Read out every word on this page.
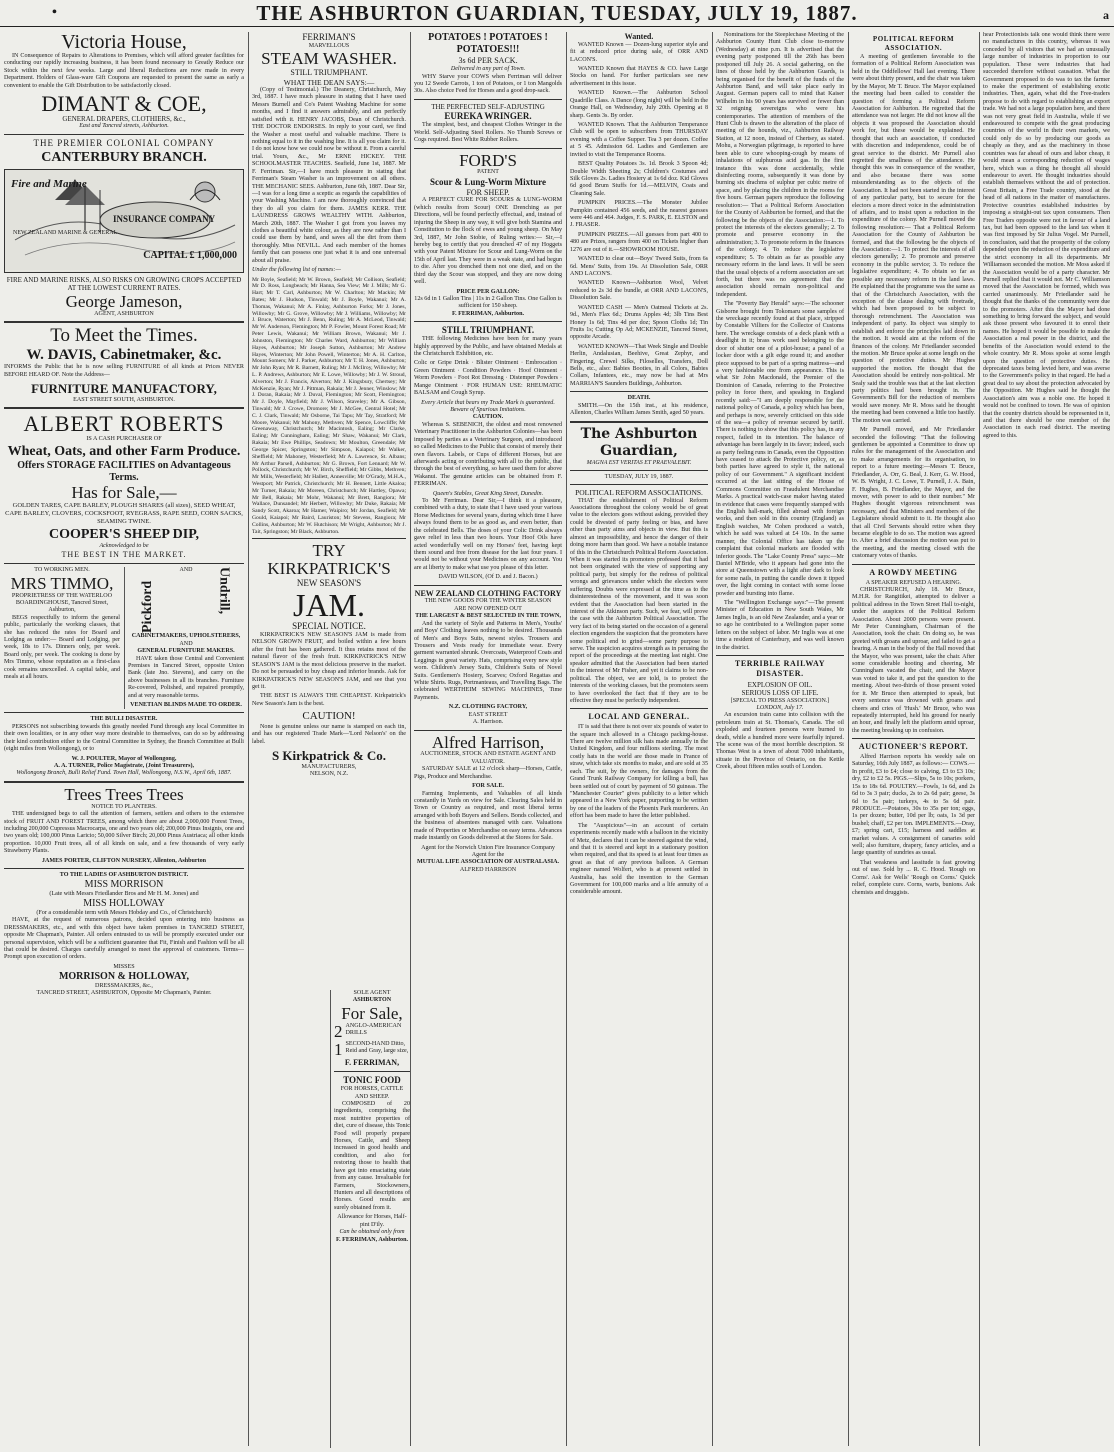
•	THE ASHBURTON GUARDIAN, TUESDAY, JULY 19, 1887.	a
Victoria House,

IN Consequence of Repairs to Alterations to Premises, which will afford greater facilities for conducting our rapidly increasing business, it has been found necessary to Greatly Reduce our Stock within the next few weeks. Large and liberal Reductions are now made in every Department. Holders of Glass-ware Gift Coupons are requested to present the same as early a convenient to enable the Gift Distribution to be satisfactorily closed.

DIMANT & COE,
GENERAL DRAPERS, CLOTHIERS, &c.,
East and Tancred streets, Ashburton.
THE PREMIER COLONIAL COMPANY
CANTERBURY BRANCH.
Fire and Marine
INSURANCE COMPANY
NEW ZEALAND MARINE & GENERAL
CAPITAL £ 1,000,000
FIRE AND MARINE RISKS, ALSO RISKS ON GROWING CROPS ACCEPTED AT THE LOWEST CURRENT RATES.
George Jameson,
AGENT, ASHBURTON
To Meet the Times.
W. DAVIS, Cabinetmaker, &c.

INFORMS the Public that he is now selling FURNITURE of all kinds at Prices NEVER BEFORE HEARD OF. Note the Address—

FURNITURE MANUFACTORY,
EAST STREET SOUTH, ASHBURTON.
ALBERT ROBERTS
IS A CASH PURCHASER OF
Wheat, Oats, and other Farm Produce.
Offers STORAGE FACILITIES on Advantageous Terms.
Has for Sale,—
GOLDEN TARES, CAPE BARLEY, PLOUGH SHARES (all sizes), SEED WHEAT, CAPE BARLEY, CLOVERS, COCKSFOOT, RYEGRASS, RAPE SEED, CORN SACKS, SEAMING TWINE.
COOPER'S SHEEP DIP,
Acknowledged to be
THE BEST IN THE MARKET.
TO WORKING MEN.
MRS TIMMO,
PROPRIETRESS OF THE WATERLOO BOARDINGHOUSE, Tancred Street, Ashburton,

BEGS respectfully to inform the general public, particularly the working classes, that she has reduced the rates for Board and Lodging as under:— Board and Lodging, per week, 18s to 17s. Dinners only, per week. Board only, per week. The cooking is done by Mrs Timmo, whose reputation as a first-class cook remains unexcelled. A capital table, and meals at all hours.

Pickford
AND Undrill,
CABINETMAKERS, UPHOLSTERERS,
AND
GENERAL FURNITURE MAKERS.

HAVE taken those Central and Convenient Premises in Tancred Street, opposite Union Bank (late Jno. Stevens), and carry on the above businesses in all its branches. Furniture Re-covered, Polished, and repaired promptly, and at very reasonable terms.

VENETIAN BLINDS MADE TO ORDER.
THE BULLI DISASTER.

PERSONS not subscribing towards this greatly needed Fund through any local Committee in their own localities, or in any other way more desirable to themselves, can do so by addressing their kind contribution either to the Central Committee in Sydney, the Branch Committee at Bulli (eight miles from Wollongong), or to

W. J. POULTER, Mayor of Wollongong,
A. A. TURNER, Police Magistrate, (Joint Treasurers),
Wollongong Branch, Bulli Relief Fund. Town Hall, Wollongong, N.S.W., April 6th, 1887.
Trees Trees Trees
NOTICE TO PLANTERS.

THE undersigned begs to call the attention of farmers, settlers and others to the extensive stock of FRUIT AND FOREST TREES, among which there are about 2,000,000 Forest Trees, including 200,000 Cupressus Macrocarpa, one and two years old; 200,000 Pinus Insignis, one and two years old; 100,000 Pinus Laricio; 50,000 Silver Birch; 20,000 Pinus Austriaca; all other kinds proportion. 10,000 Fruit trees, all of all kinds on sale, and a few thousands of very early Strawberry Plants.

JAMES PORTER, CLIFTON NURSERY, Allenton, Ashburton
TO THE LADIES OF ASHBURTON DISTRICT.
MISS MORRISON
(Late with Messrs Friedlander Bros and Mr H. M. Jones) and
MISS HOLLOWAY
(For a considerable term with Messrs Hobday and Co., of Christchurch)

HAVE, at the request of numerous patrons, decided upon entering into business as DRESSMAKERS, etc., and with this object have taken premises in TANCRED STREET, opposite Mr Chapman's, Painter. All orders entrusted to us will be promptly executed under our personal supervision, which will be a sufficient guarantee that Fit, Finish and Fashion will be all that could be desired. Charges carefully arranged to meet the approval of customers. Terms—Prompt upon execution of orders.

MISSES
MORRISON & HOLLOWAY,
DRESSMAKERS, &c.,
TANCRED STREET, ASHBURTON, Opposite Mr Chapman's, Painter.
FERRIMAN'S
MARVELLOUS
STEAM WASHER.
STILL TRIUMPHANT.
WHAT THE DEAN SAYS:—

(Copy of Testimonial.) The Deanery, Christchurch, May 3rd, 1887. I have much pleasure in stating that I have used Messrs Burnell and Co's Patent Washing Machine for some months, and I find it answers admirably, and am perfectly satisfied with it. HENRY JACOBS, Dean of Christchurch. THE DOCTOR ENDORSES. In reply to your card, we find the Washer a most useful and valuable machine. There is nothing equal to it in the washing line. It is all you claim for it. I do not know how we could now be without it. From a careful trial. Yours, &c., Mr ERNE HICKEY. THE SCHOOLMASTER TEACHES. Seafield, June 1st, 1887. Mr F. Ferriman. Sir,—I have much pleasure in stating that Ferriman's Steam Washer is an improvement on all others. THE MECHANIC SEES. Ashburton, June 6th, 1887. Dear Sir,—I was for a long time a sceptic as regards the capabilities of your Washing Machine. I am now thoroughly convinced that they do all you claim for them. JAMES KERR. THE LAUNDRESS GROWS WEALTHY WITH. Ashburton, March 20th, 1887. The Washer I got from you leaves my clothes a beautiful white colour, as they are now rather than I could use them by hand, and saves all the dirt from them thoroughly. Miss NEVILL. And each member of the homes family that can possess one just what it is and one universal about all praise.

Under the following list of names:—

Mr Boyle, Seafield; Mr W. Brown, Seafield; Mr Collison, Seafield; Mr D. Ross, Longbeach; Mr Hanna, Sea View; Mr J. Mills; Mr G. Hart; Mr T. Carl, Ashburton; Mr W. Charlton; Mr Mackin; Mr Bates; Mr J. Hudson, Tinwald; Mr J. Boyle, Wakanui; Mr A. Thomas, Wakanui; Mr A. Finlay, Ashburton Forks; Mr J. Jones, Willowby; Mr G. Grove, Willowby; Mr J. Williams, Willowby; Mr J. Bruce, Waterton; Mr J. Benn, Ruling; Mr A. McLeod, Tinwald; Mr W. Anderson, Flemington; Mr P. Fowler, Mount Forest Road; Mr Peter Lewis, Wakanui; Mr William Brown, Wakanui; Mr J. Johnston, Flemington; Mr Charles Ward, Ashburton; Mr William Hayes, Ashburton; Mr Joseph Sutton, Ashburton; Mr Andrew Hayes, Winterton; Mr John Powell, Winterton; Mr A. H. Carlton, Mount Somers; Mr J. Parker, Ashburton; Mr T. H. Jones, Ashburton; Mr John Ryan; Mr R. Barnett, Ruling; Mr J. McIlroy, Willowby; Mr L. P. Andrews, Ashburton; Mr E. Lowe, Willowby; Mr J. W. Stroud, Alverton; Mr J. Francis, Alverton; Mr J. Kingsbury, Chertsey; Mr McKenzie, Ryan; Mr J. Pittman, Rakaia; Mr J. Jenner, Winslow; Mr J. Doran, Rakaia; Mr J. Duval, Flemington; Mr Scott, Flemington; Mr J. Doyle, Mayfield; Mr J. Wilson, Staveley; Mr A. Gibson, Tinwald; Mr J. Crowe, Dromore; Mr J. McGee, Central Hotel; Mr C. J. Clark, Tinwald; Mr Osborne, Tai Tapu; Mr Tay, Stratford; Mr Moore, Wakanui; Mr Mahony, Methven; Mr Spence, Lowcliffe; Mr Greenaway, Christchurch; Mr Macintosh, Ealing; Mr Clarke, Ealing; Mr Cunningham, Ealing; Mr Shaw, Wakanui; Mr Clark, Rakaia; Mr Ewe Phillips, Seadown; Mr Moulton, Greendale; Mr George Spicer, Springston; Mr Simpson, Kaiapoi; Mr Walker, Sheffield; Mr Mahoney, Westerfield; Mr A. Lawrence, St. Albans; Mr Arthur Parsell, Ashburton; Mr G. Brown, Fort Lennard; Mr W. Pollock, Christchurch; Mr W. Birch, Sheffield; Mr Gibbs, Methven; Mr Mills, Westerfield; Mr Hallett, Annesville; Mr O'Grady, M.H.A., Westport; Mr Patrick, Christchurch; Mr H. Bennett, Little Akaloa; Mr Turner, Rakaia; Mr Moreen, Christchurch; Mr Hartley, Opawa; Mr Bell, Rakaia; Mr Mohr, Wakanui; Mr Brett, Rangiora; Mr Wallace, Dunsandel; Mr Herbert, Willowby; Mr Duke, Rakaia; Mr Sandy Scott, Akaroa; Mr Hamer, Waipiro; Mr Jordan, Seafield; Mr Gould, Kaiapoi; Mr Baird, Lauriston; Mr Stevens, Rangiora; Mr Collins, Ashburton; Mr W. Hutchison; Mr Wright, Ashburton; Mr J. Tait, Springston; Mr Black, Ashburton.

TRY
KIRKPATRICK'S
NEW SEASON'S
JAM.
SPECIAL NOTICE.

KIRKPATRICK'S NEW SEASON'S JAM is made from NELSON GROWN FRUIT, and boiled within a few hours after the fruit has been gathered. It thus retains most of the natural flavor of the fresh fruit. KIRKPATRICK'S NEW SEASON'S JAM is the most delicious preserve in the market. Do not be persuaded to buy cheap and inferior brands. Ask for KIRKPATRICK'S NEW SEASON'S JAM, and see that you get it.

THE BEST IS ALWAYS THE CHEAPEST. Kirkpatrick's New Season's Jam is the best.

CAUTION!

None is genuine unless our name is stamped on each tin, and has our registered Trade Mark—'Lord Nelson's' on the label.

S Kirkpatrick & Co.
MANUFACTURERS,
NELSON, N.Z.
POTATOES ! POTATOES ! POTATOES!!!
3s 6d PER SACK.
Delivered in any part of Town.

WHY Starve your COWS when Ferriman will deliver you 12 Swede Carrots, 1 ton of Potatoes, or 1 ton Mangolds 30s. Also choice Feed for Horses and a good drop-sack.

THE PERFECTED SELF-ADJUSTING
EUREKA WRINGER.

The simplest, best, and cheapest Clothes Wringer in the World. Self-Adjusting Steel Rollers. No Thumb Screws or Cogs required. Best White Rubber Rollers.

FORD'S
PATENT
Scour & Lung-Worm Mixture
FOR SHEEP.

A PERFECT CURE FOR SCOURS & LUNG-WORM (which results from Scour) ONE Drenching as per Directions, will be found perfectly effectual, and, instead of injuring the Sheep in any way, it will give both Stamina and Constitution to the flock of ewes and young sheep. On May 3rd, 1887, Mr John Stobie, of Ruling writes:— Sir,—I hereby beg to certify that you drenched 47 of my Hoggets with your Patent Mixture for Scour and Lung-Worm on the 15th of April last. They were in a weak state, and had begun to die. After you drenched them not one died, and on the third day the Scour was stopped, and they are now doing well.

PRICE PER GALLON:
12s 6d in 1 Gallon Tins | 11s in 2 Gallon Tins. One Gallon is sufficient for 150 sheep.
F. FERRIMAN, Ashburton.
STILL TRIUMPHANT.

THE following Medicines have been for many years highly approved by the Public, and have obtained Medals at the Christchurch Exhibition, etc.

Colic or Gripe Drink · Blister Ointment · Embrocation · Green Ointment · Condition Powders · Hoof Ointment · Worm Powders · Foot Rot Dressing · Distemper Powders · Mange Ointment · FOR HUMAN USE: RHEUMATIC BALSAM and Cough Syrup.

Every Article that bears my Trade Mark is guaranteed.
Beware of Spurious Imitations.
CAUTION.

Whereas S. SEBENICH, the oldest and most renowned Veterinary Practitioner in the Ashburton Colonies—has been imposed by parties as a Veterinary Surgeon, and introduced so called Medicines to the Public that consist of merely their own flavors. Labels, or Cups of different Horses, but are afterwards acting or contributing with all to the public, that through the best of everything, so have used them for above Wakanui. The genuine articles can be obtained from F. FERRIMAN.

Queen's Stables, Great King Street, Dunedin.

To Mr Ferriman. Dear Sir,—I think it a pleasure, combined with a duty, to state that I have used your various Horse Medicines for several years, during which time I have always found them to be as good as, and even better, than the celebrated Bells. The doses of your Colic Drink always gave relief in less than two hours. Your Hoof Oils have acted wonderfully well on my Horses' feet, having kept them sound and free from disease for the last four years. I would not be without your Medicines on any account. You are at liberty to make what use you please of this letter.

DAVID WILSON, (Of D. and J. Bacon.)
NEW ZEALAND CLOTHING FACTORY
THE NEW GOODS FOR THE WINTER SEASON
ARE NOW OPENED OUT
THE LARGEST & BEST SELECTED IN THE TOWN,

And the variety of Style and Patterns in Men's, Youths' and Boys' Clothing leaves nothing to be desired. Thousands of Men's and Boys Suits, newest styles. Trousers and Trousers and Vests ready for immediate wear. Every garment warranted shrunk. Overcoats, Waterproof Coats and Leggings in great variety. Hats, comprising every new style worn. Children's Jersey Suits, Children's Suits of Novel Suits. Gentlemen's Hosiery, Scarves; Oxford Regattas and White Shirts. Rugs, Portmanteaus, and Travelling Bags. The celebrated WERTHEIM SEWING MACHINES, Time Payments.

N.Z. CLOTHING FACTORY,
EAST STREET
A. Harrison.
Alfred Harrison,
AUCTIONEER, STOCK AND ESTATE AGENT AND VALUATOR.

SATURDAY SALE at 12 o'clock sharp—Horses, Cattle, Pigs, Produce and Merchandise.

FOR SALE.

Farming Implements, and Valuables of all kinds constantly in Yards on view for Sale. Clearing Sales held in Town or Country as required, and most liberal terms arranged with both Buyers and Sellers. Bonds collected, and the business of absentees managed with care. Valuations made of Properties or Merchandise on easy terms. Advances made instantly on Goods delivered at the Stores for Sale.

Agent for the Norwich Union Fire Insurance Company
Agent for the
MUTUAL LIFE ASSOCIATION OF AUSTRALASIA.
ALFRED HARRISON
SOLE AGENT
ASHBURTON
For Sale,
2 ANGLO-AMERICAN DRILLS
1 SECOND-HAND Ditto, Reid and Gray, large size,
F. FERRIMAN,
TONIC FOOD
FOR HORSES, CATTLE AND SHEEP.

COMPOSED of 20 ingredients, comprising the most nutritive properties of diet, cure of disease, this Tonic Food will properly prepare Horses, Cattle, and Sheep increased in good health and condition, and also for restoring those to health that have got into emaciating state from any cause. Invaluable for Farmers, Stockowners, Hunters and all descriptions of Horses. Good results are surely obtained from it.

Allowance for Horses, Half-pint D'ily.
Can be obtained only from
F. FERRIMAN, Ashburton.
Wanted.

WANTED Known — Dozen-lung superior style and fit at reduced price during sale, of ORR AND LACON'S.

WANTED Known that HAYES & CO. have Large Stocks on hand. For further particulars see new advertisement in this issue.

WANTED Known.—The Ashburton School Quadrille Class. A Dance (long night) will be held in the Orange Hall, on Wednesday, July 20th. Opening at 8 sharp. Gents 3s. By order.

WANTED Known. That the Ashburton Temperance Club will be open to subscribers from THURSDAY evening with a Coffee Supper. Tea 3 per dozen. Coffee at 5 45. Admission 6d. Ladies and Gentlemen are invited to visit the Temperance Rooms.

BEST Quality Potatoes 3s. 1d. Brook 3 Spoon 4d; Double Width Sheeting 2s; Children's Costumes and Silk Gloves 2s. Ladies Hosiery at 1s 6d doz. Kid Gloves 6d good Brum Stuffs for 1d.—MELVIN, Coats and Cleaning Sale.

PUMPKIN PRICES.—The Monster Jubilee Pumpkin contained 456 seeds, and the nearest guesses were 446 and 464. Judges, F. S. PARK, E. ELSTON and J. FRASER.

PUMPKIN PRIZES.—All guesses from part 400 to 480 are Prizes, rangers from 400 on Tickets higher than 1276 are out of it.—SHOWROOM HOUSE.

WANTED to clear out—Boys' Tweed Suits, from 6s 6d. Mens' Suits, from 19s. At Dissolution Sale, ORR AND LACON'S.

WANTED Known—Ashburton Wool, Velvet reduced to 2s 3d the bundle, at ORR AND LACON'S, Dissolution Sale.

WANTED CASH — Men's Oatmeal Tickets at 2s. 9d., Men's Flax 6d.; Drums Apples 4d; 3lb Tins Best Honey 1s 6d; Tins 4d per doz; Spoon Cloths 1d; Tin Fruits 1s; Cutting Op Ad; MCKENZIE, Tancred Street, opposite Arcade.

WANTED KNOWN—That Week Single and Double Herlin, Andalusian, Beehive, Great Zephyr, and Fingering, Crewel Silks, Filoselles, Transfers, Doll Bells, etc., also: Babies Booties, in all Colors, Babies Collars, Infantees, etc., may now be had at Mrs MARRIAN'S Saunders Buildings, Ashburton.

DEATH.

SMITH.—On the 15th inst., at his residence, Allenton, Charles William James Smith, aged 50 years.

The Ashburton Guardian,
MAGNA EST VERITAS ET PRAEVALEBIT.
TUESDAY, JULY 19, 1887.
POLITICAL REFORM ASSOCIATIONS.

THAT the establishment of Political Reform Associations throughout the colony would be of great value to the electors goes without asking, provided they could be divested of party feeling or bias, and have other than party aims and objects in view. But this is almost an impossibility, and hence the danger of their doing more harm than good. We have a notable instance of this in the Christchurch Political Reform Association. When it was started its promoters professed that it had not been originated with the view of supporting any political party, but simply for the redress of political wrongs and grievances under which the electors were suffering. Doubts were expressed at the time as to the disinterestedness of the movement, and it was soon evident that the Association had been started in the interest of the Atkinson party. Such, we fear, will prove the case with the Ashburton Political Association. The very fact of its being started on the occasion of a general election engenders the suspicion that the promoters have some political end to grind—some party purpose to serve. The suspicion acquires strength as in perusing the report of the proceedings at the meeting last night. One speaker admitted that the Association had been started in the interest of Mr Fisher, and yet it claims to be non-political. The object, we are told, is to protect the interests of the working classes, but the promoters seem to have overlooked the fact that if they are to be effective they must be perfectly independent.

LOCAL AND GENERAL.

IT is said that there is not over six pounds of water to the square inch allowed in a Chicago packing-house. There are twelve million silk hats made annually in the United Kingdom, and four millions sterling. The most costly hats in the world are those made in France of straw, which take six months to make, and are sold at 35 each. The suit, by the owners, for damages from the Grand Trunk Railway Company for killing a bull, has been settled out of court by payment of 50 guineas. The "Manchester Courier" gives publicity to a letter which appeared in a New York paper, purporting to be written by one of the leaders of the Phoenix Park murderers. An effort has been made to have the letter published.

The "Auspicious"—in an account of certain experiments recently made with a balloon in the vicinity of Metz, declares that it can be steered against the wind, and that it is steered and kept in a stationary position when required, and that its speed is at least four times as great as that of any previous balloon. A German engineer named Wolfert, who is at present settled in Australia, has sold the invention to the German Government for 100,000 marks and a life annuity of a considerable amount.

Nominations for the Steeplechase Meeting of the Ashburton County Hunt Club close to-morrow (Wednesday) at nine p.m. It is advertised that the evening party postponed till the 26th has been postponed till July 26. A social gathering, on the lines of those held by the Ashburton Guards, is being organised for the benefit of the funds of the Ashburton Band, and will take place early in August. German papers call to mind that Kaiser Wilhelm in his 90 years has survived or fewer than 32 reigning sovereigns who were his contemporaries. The attention of members of the Hunt Club is drawn to the alteration of the place of meeting of the hounds, viz., Ashburton Railway Station, at 12 noon, instead of Chertsey, as stated. Mohu, a Norwegian pilgrimage, is reported to have been able to cure whooping-cough by means of inhalations of sulphurous acid gas. In the first instance this was done accidentally, while disinfecting rooms, subsequently it was done by burning six drachms of sulphur per cubic metre of space, and by placing the children in the rooms for five hours. German papers reproduce the following resolution:— That a Political Reform Association for the County of Ashburton be formed, and that the following be the objects of the Association:—1. To protect the interests of the electors generally; 2. To promote and preserve economy in the administration; 3. To promote reform in the finances of the colony; 4. To reduce the legislative expenditure; 5. To obtain as far as possible any necessary reform in the land laws. It will be seen that the usual objects of a reform association are set forth, but there was no agreement that the association should remain non-political and independent.

The "Poverty Bay Herald" says:—The schooner Gisborne brought from Tokomaru some samples of the wreckage recently found at that place, stripped by Constable Villiers for the Collector of Customs here. The wreckage consists of a deck plank with a deadlight in it; brass work used belonging to the door of shutter one of a pilot-house; a panel of a locker door with a gilt edge round it; and another piece supposed to be part of a spring mattress—and a very fashionable one from appearance. This is what Sir John Macdonald, the Premier of the Dominion of Canada, referring to the Protective policy in force there, and speaking in England recently said:—"I am deeply responsible for the national policy of Canada, a policy which has been, and perhaps is now, severely criticised on this side of the sea—a policy of revenue secured by tariff. There is nothing to show that this policy has, in any respect, failed in its intention. The balance of advantage has been largely in its favor; indeed, such as party feeling runs in Canada, even the Opposition have ceased to attack the Protective policy, or, as both parties have agreed to style it, the national policy of our Government." A significant incident occurred at the last sitting of the House of Commons Committee on Fraudulent Merchandise Marks. A practical watch-case maker having stated in evidence that cases were frequently stamped with the English hall-mark, filled abroad with foreign works, and then sold in this country (England) as English watches, Mr Cohen produced a watch, which he said was valued at £4 10s. In the same manner, the Colonial Office has taken up the complaint that colonial markets are flooded with inferior goods. The "Lake County Press" says:—Mr Daniel M'Bride, who it appears had gone into the store at Queenstown with a light after dark to look for some nails, in putting the candle down it tipped over, the light coming in contact with some loose powder and bursting into flame.

The "Wellington Exchange says:"—The present Minister of Education in New South Wales, Mr James Inglis, is an old New Zealander, and a year or so ago he contributed to a Wellington paper some letters on the subject of labor. Mr Inglis was at one time a resident of Canterbury, and was well known in the district.

TERRIBLE RAILWAY DISASTER.
EXPLOSION OF OIL.
SERIOUS LOSS OF LIFE.
[SPECIAL TO PRESS ASSOCIATION.]
LONDON, July 17.

An excursion train came into collision with the petroleum train at St. Thomas's, Canada. The oil exploded and fourteen persons were burned to death, while a hundred more were fearfully injured. The scene was of the most horrible description. St Thomas West is a town of about 7000 inhabitants, situate in the Province of Ontario, on the Kettle Creek, about fifteen miles south of London.

POLITICAL REFORM ASSOCIATION.

A meeting of gentlemen favorable to the formation of a Political Reform Association was held in the Oddfellows' Hall last evening. There were about thirty present, and the chair was taken by the Mayor, Mr T. Bruce. The Mayor explained the meeting had been called to consider the question of forming a Political Reform Association for Ashburton. He regretted that the attendance was not larger. He did not know all the objects it was proposed the Association should work for, but these would be explained. He thought that such an association, if conducted with discretion and independence, could be of great service to the district. Mr Purnell also regretted the smallness of the attendance. He thought this was in consequence of the weather, and also because there was some misunderstanding as to the objects of the Association. It had not been started in the interest of any particular party, but to secure for the electors a more direct voice in the administration of affairs, and to insist upon a reduction in the expenditure of the colony. Mr Purnell moved the following resolution:— That a Political Reform Association for the County of Ashburton be formed, and that the following be the objects of the Association:—1. To protect the interests of all electors generally; 2. To promote and preserve economy in the public service; 3. To reduce the legislative expenditure; 4. To obtain so far as possible any necessary reform in the land laws. He explained that the programme was the same as that of the Christchurch Association, with the exception of the clause dealing with freetrade, which had been proposed to be subject to thorough retrenchment. The Association was independent of party. Its object was simply to establish and enforce the principles laid down in the motion. It would aim at the reform of the finances of the colony. Mr Friedlander seconded the motion. Mr Bruce spoke at some length on the question of protective duties. Mr Hughes supported the motion. He thought that the Association should be entirely non-political. Mr Sealy said the trouble was that at the last election party politics had been brought in. The Government's Bill for the reduction of members would save money. Mr R. Moss said he thought the meeting had been convened a little too hastily. The motion was carried.

Mr Purnell moved, and Mr Friedlander seconded the following: "That the following gentlemen be appointed a Committee to draw up rules for the management of the Association and to make arrangements for its organisation, to report to a future meeting:—Messrs T. Bruce, Friedlander, A. Orr, G. Beal, J. Kerr, G. W. Hood, W. B. Wright, J. C. Lowe, T. Purnell, J. A. Bain, F. Hughes, B. Friedlander, the Mayor, and the mover, with power to add to their number." Mr Hughes thought vigorous retrenchment was necessary, and that Ministers and members of the Legislature should submit to it. He thought also that all Civil Servants should retire when they became elegible to do so. The motion was agreed to. After a brief discussion the motion was put to the meeting, and the meeting closed with the customary votes of thanks.

A ROWDY MEETING
A SPEAKER REFUSED A HEARING.

CHRISTCHURCH, July 18. Mr Bruce, M.H.R. for Rangitikei, attempted to deliver a political address in the Town Street Hall to-night, under the auspices of the Political Reform Association. About 2000 persons were present. Mr Peter Cunningham, Chairman of the Association, took the chair. On doing so, he was greeted with groans and uproar, and failed to get a hearing. A man in the body of the Hall moved that the Mayor, who was present, take the chair. After some considerable hooting and cheering, Mr Cunningham vacated the chair, and the Mayor was voted to take it, and put the question to the meeting. About two-thirds of those present voted for it. Mr Bruce then attempted to speak, but every sentence was drowned with groans and cheers and cries of 'Hush.' Mr Bruce, who was repeatedly interrupted, held his ground for nearly an hour, and finally left the platform amid uproar, the meeting breaking up in confusion.

AUCTIONEER'S REPORT.

Alfred Harrison reports his weekly sale on Saturday, 16th July 1887, as follows:— COWS.—In profit, £3 to £4; close to calving, £3 to £3 10s; dry, £2 to £2 5s. PIGS.—Slips, 5s to 10s; porkers, 15s to 18s 6d. POULTRY.—Fowls, 1s 6d, and 2s 6d to 3s 3 pair; ducks, 2s to 2s 6d pair; geese, 3s 6d to 5s pair; turkeys, 4s to 5s 6d pair. PRODUCE.—Potatoes, 30s to 35s per ton; eggs, 1s per dozen; butter, 10d per lb; oats, 1s 3d per bushel; chaff, £2 per ton. IMPLEMENTS.—Dray, £7; spring cart, £15; harness and saddles at market values. A consignment of canaries sold well; also furniture, drapery, fancy articles, and a large quantity of sundries as usual.

That weakness and lassitude is fast growing out of use. Sold by ... R. C. Hood. 'Rough on Corns'. Ask for Wells' 'Rough on Corns.' Quick relief, complete cure. Corns, warts, bunions. Ask chemists and druggists.

hear Protectionists talk one would think there were no manufactures in this country, whereas it was conceded by all visitors that we had an unusually large number of industries in proportion to our population. These were industries that had succeeded therefore without causation. What the Government proposed to do was to tax the farmer to make the experiment of establishing exotic industries. Then, again, what did the Free-traders propose to do with regard to establishing an export trade. We had not a large population here, and there was not very great field in Australia, while if we endeavoured to compete with the great producing countries of the world in their own markets, we could only do so by producing our goods as cheaply as they, and as the machinery in those countries was far ahead of ours and labor cheap, it would mean a corresponding reduction of wages here, which was a thing he thought all should endeavour to avert. He thought industries should establish themselves without the aid of protection. Great Britain, a Free Trade country, stood at the head of all nations in the matter of manufactures. Protective countries established industries by imposing a straight-out tax upon consumers. Then Free Traders opposite were not in favour of a land tax, but had been opposed to the land tax when it was first imposed by Sir Julius Vogel. Mr Purnell, in conclusion, said that the prosperity of the colony depended upon the reduction of the expenditure and the strict economy in all its departments. Mr Williamson seconded the motion. Mr Moss asked if the Association would be of a party character. Mr Purnell replied that it would not. Mr C. Williamson moved that the Association be formed, which was carried unanimously. Mr Friedlander said he thought that the thanks of the community were due to the promoters. After this the Mayor had done something to bring forward the subject, and would ask those present who favoured it to enrol their names. He hoped it would be possible to make the Association a real power in the district, and the benefits of the Association would extend to the whole country. Mr R. Moss spoke at some length upon the question of protective duties. He deprecated taxes being levied here, and was averse to the Government's policy in that regard. He had a great deal to say about the protection advocated by the Opposition. Mr Hughes said he thought the Association's aim was a noble one. He hoped it would not be confined to town. He was of opinion that the country districts should be represented in it, and that there should be one member of the Association in each road district. The meeting agreed to this.
